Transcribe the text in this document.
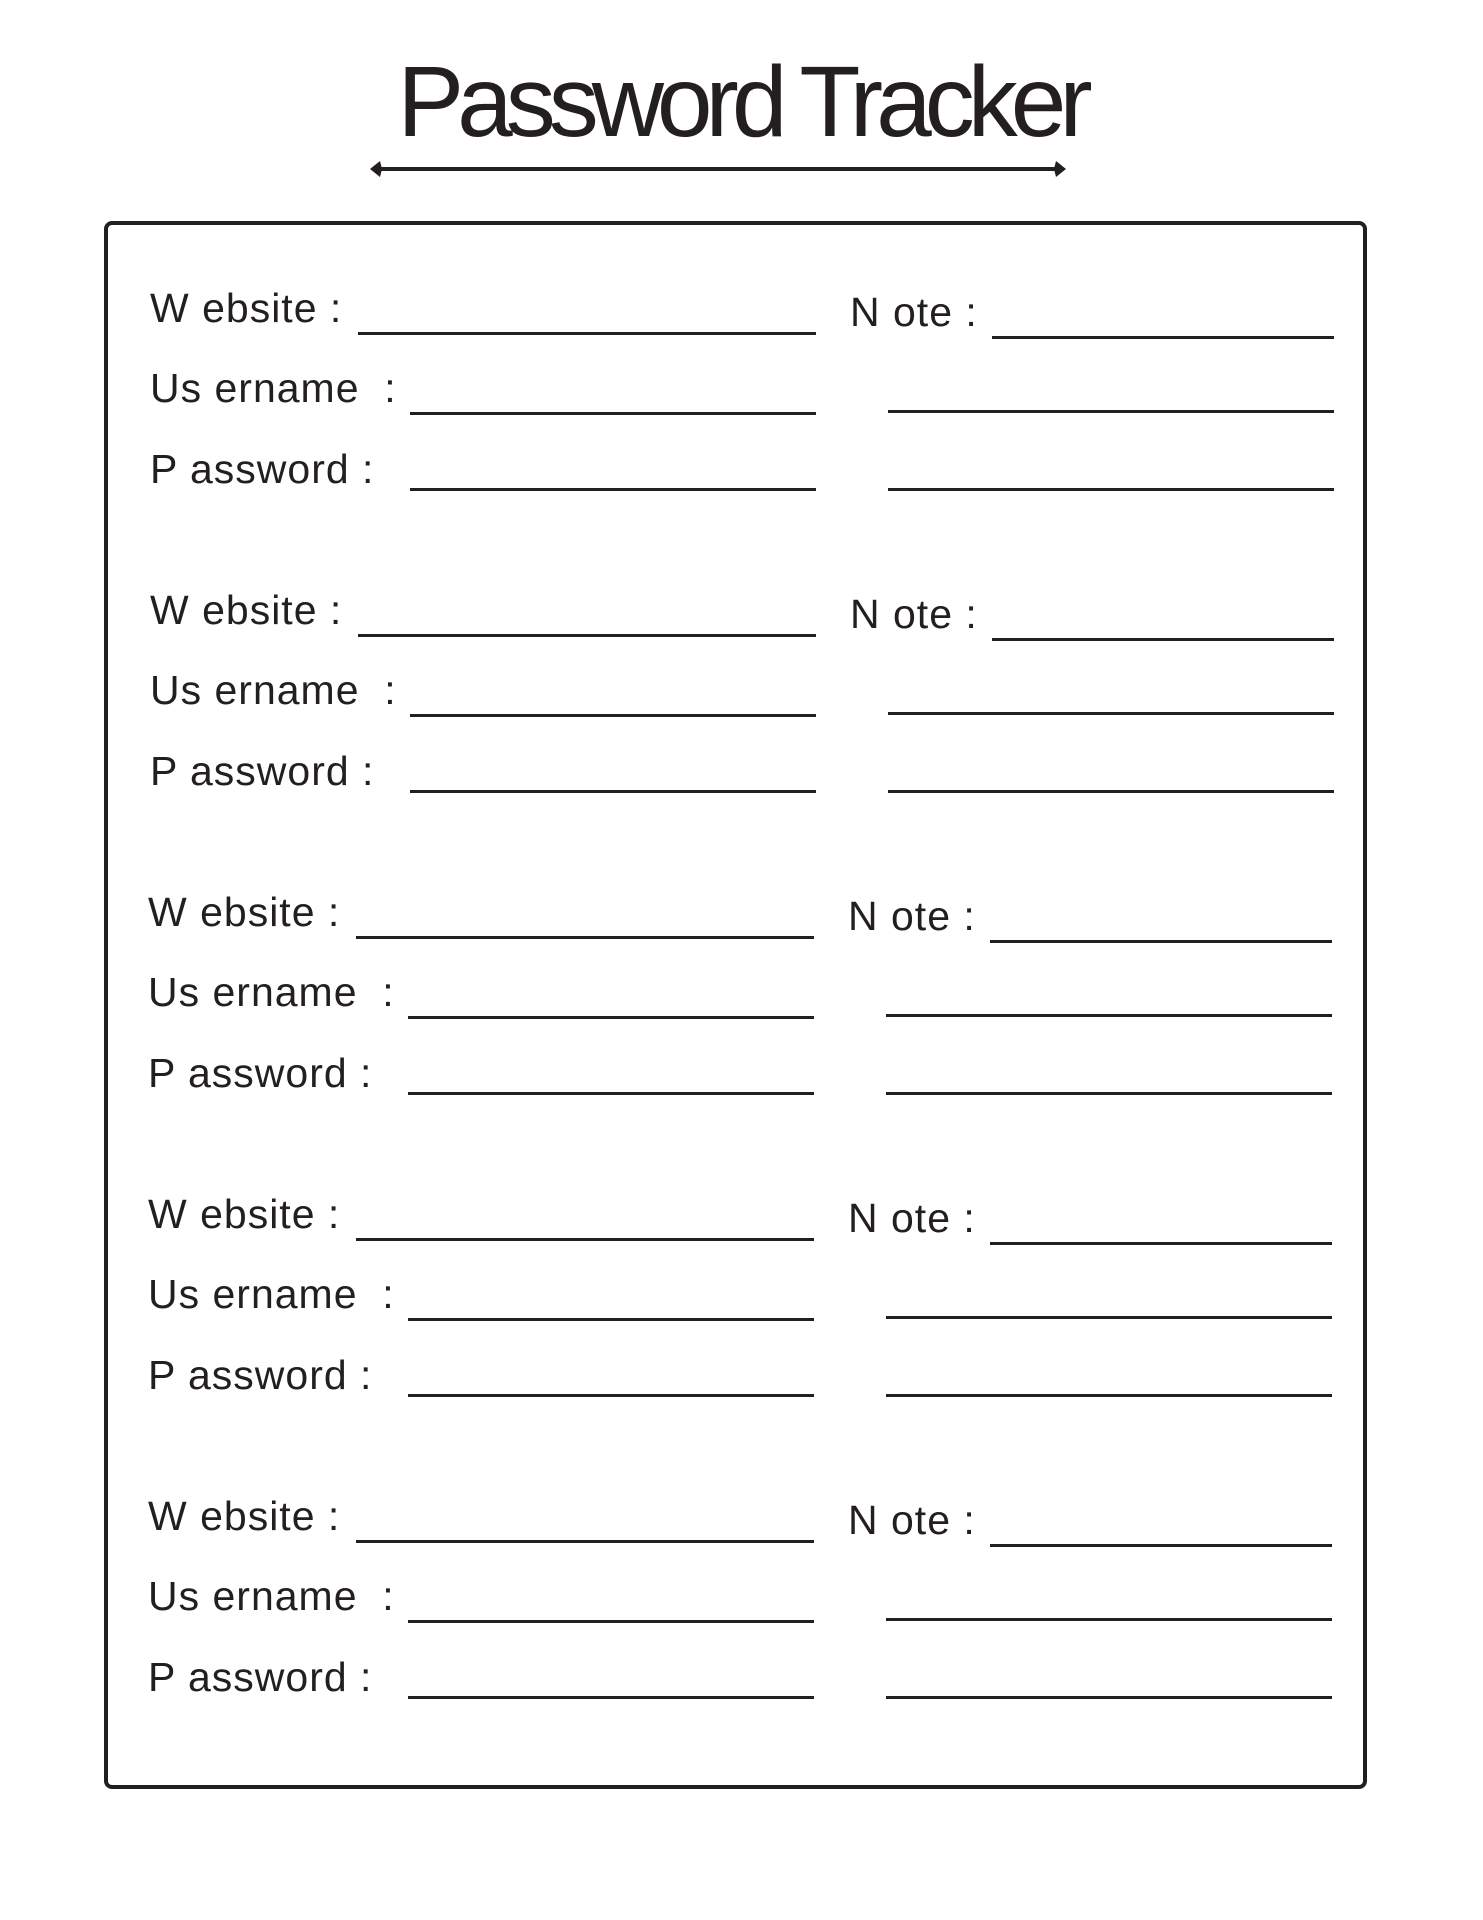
Password Tracker
W ebsite :
Us ername  :
P assword :
N ote :
W ebsite :
Us ername  :
P assword :
N ote :
W ebsite :
Us ername  :
P assword :
N ote :
W ebsite :
Us ername  :
P assword :
N ote :
W ebsite :
Us ername  :
P assword :
N ote :
